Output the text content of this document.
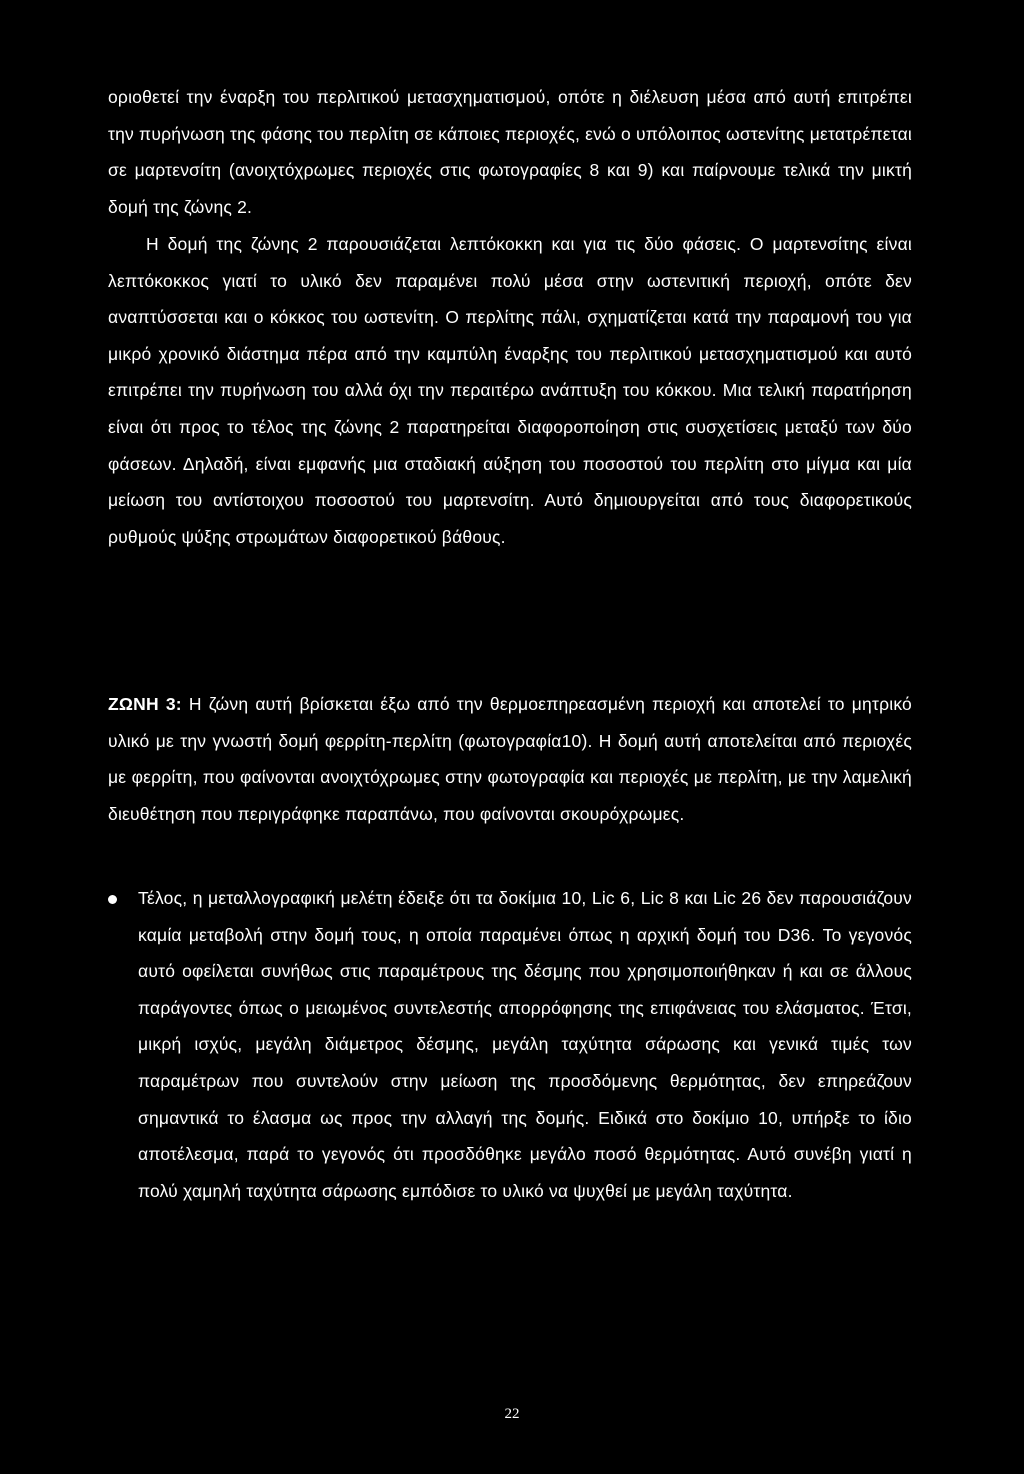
οριοθετεί την έναρξη του περλιτικού μετασχηματισμού, οπότε η διέλευση μέσα από αυτή επιτρέπει την πυρήνωση της φάσης του περλίτη σε κάποιες περιοχές, ενώ ο υπόλοιπος ωστενίτης μετατρέπεται σε μαρτενσίτη (ανοιχτόχρωμες περιοχές στις φωτογραφίες 8 και 9) και παίρνουμε τελικά την μικτή δομή της ζώνης 2.

Η δομή της ζώνης 2 παρουσιάζεται λεπτόκοκκη και για τις δύο φάσεις. Ο μαρτενσίτης είναι λεπτόκοκκος γιατί το υλικό δεν παραμένει πολύ μέσα στην ωστενιτική περιοχή, οπότε δεν αναπτύσσεται και ο κόκκος του ωστενίτη. Ο περλίτης πάλι, σχηματίζεται κατά την παραμονή του για μικρό χρονικό διάστημα πέρα από την καμπύλη έναρξης του περλιτικού μετασχηματισμού και αυτό επιτρέπει την πυρήνωση του αλλά όχι την περαιτέρω ανάπτυξη του κόκκου. Μια τελική παρατήρηση είναι ότι προς το τέλος της ζώνης 2 παρατηρείται διαφοροποίηση στις συσχετίσεις μεταξύ των δύο φάσεων. Δηλαδή, είναι εμφανής μια σταδιακή αύξηση του ποσοστού του περλίτη στο μίγμα και μία μείωση του αντίστοιχου ποσοστού του μαρτενσίτη. Αυτό δημιουργείται από τους διαφορετικούς ρυθμούς ψύξης στρωμάτων διαφορετικού βάθους.

ΖΩΝΗ 3: Η ζώνη αυτή βρίσκεται έξω από την θερμοεπηρεασμένη περιοχή και αποτελεί το μητρικό υλικό με την γνωστή δομή φερρίτη-περλίτη (φωτογραφία10). Η δομή αυτή αποτελείται από περιοχές με φερρίτη, που φαίνονται ανοιχτόχρωμες στην φωτογραφία και περιοχές με περλίτη, με την λαμελική διευθέτηση που περιγράφηκε παραπάνω, που φαίνονται σκουρόχρωμες.

Τέλος, η μεταλλογραφική μελέτη έδειξε ότι τα δοκίμια 10, Lic 6, Lic 8 και Lic 26 δεν παρουσιάζουν καμία μεταβολή στην δομή τους, η οποία παραμένει όπως η αρχική δομή του D36. Το γεγονός αυτό οφείλεται συνήθως στις παραμέτρους της δέσμης που χρησιμοποιήθηκαν ή και σε άλλους παράγοντες όπως ο μειωμένος συντελεστής απορρόφησης της επιφάνειας του ελάσματος. Έτσι, μικρή ισχύς, μεγάλη διάμετρος δέσμης, μεγάλη ταχύτητα σάρωσης και γενικά τιμές των παραμέτρων που συντελούν στην μείωση της προσδόμενης θερμότητας, δεν επηρεάζουν σημαντικά το έλασμα ως προς την αλλαγή της δομής. Ειδικά στο δοκίμιο 10, υπήρξε το ίδιο αποτέλεσμα, παρά το γεγονός ότι προσδόθηκε μεγάλο ποσό θερμότητας. Αυτό συνέβη γιατί η πολύ χαμηλή ταχύτητα σάρωσης εμπόδισε το υλικό να ψυχθεί με μεγάλη ταχύτητα.

22
